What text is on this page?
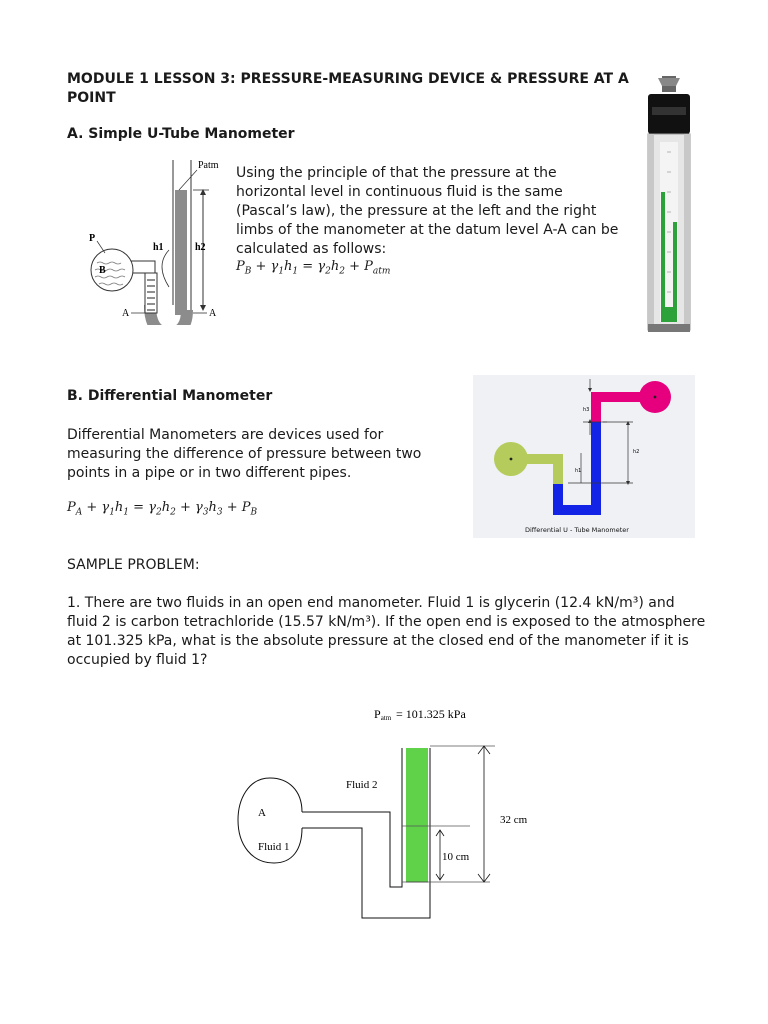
MODULE 1 LESSON 3: PRESSURE-MEASURING DEVICE & PRESSURE AT A POINT
A. Simple U-Tube Manometer
Patm
P
B
h1	h2
A	A
Using the principle of that the pressure at the horizontal level in continuous fluid is the same (Pascal’s law), the pressure at the left and the right limbs of the manometer at the datum level A-A can be calculated as follows:
$P_B + \gamma_1h_1 = \gamma_2h_2 + P_{atm}$
B. Differential Manometer
Differential Manometers are devices used for measuring the difference of pressure between two points in a pipe or in two different pipes.
$P_A + \gamma_1h_1 = \gamma_2h_2 + \gamma_3h_3 + P_B$
h3
h2
h1
Differential U - Tube Manometer
SAMPLE PROBLEM:
1. There are two fluids in an open end manometer. Fluid 1 is glycerin (12.4 kN/m³) and fluid 2 is carbon tetrachloride (15.57 kN/m³). If the open end is exposed to the atmosphere at 101.325 kPa, what is the absolute pressure at the closed end of the manometer if it is occupied by fluid 1?
Patm = 101.325 kPa
Fluid 2
A
Fluid 1
32 cm
10 cm
